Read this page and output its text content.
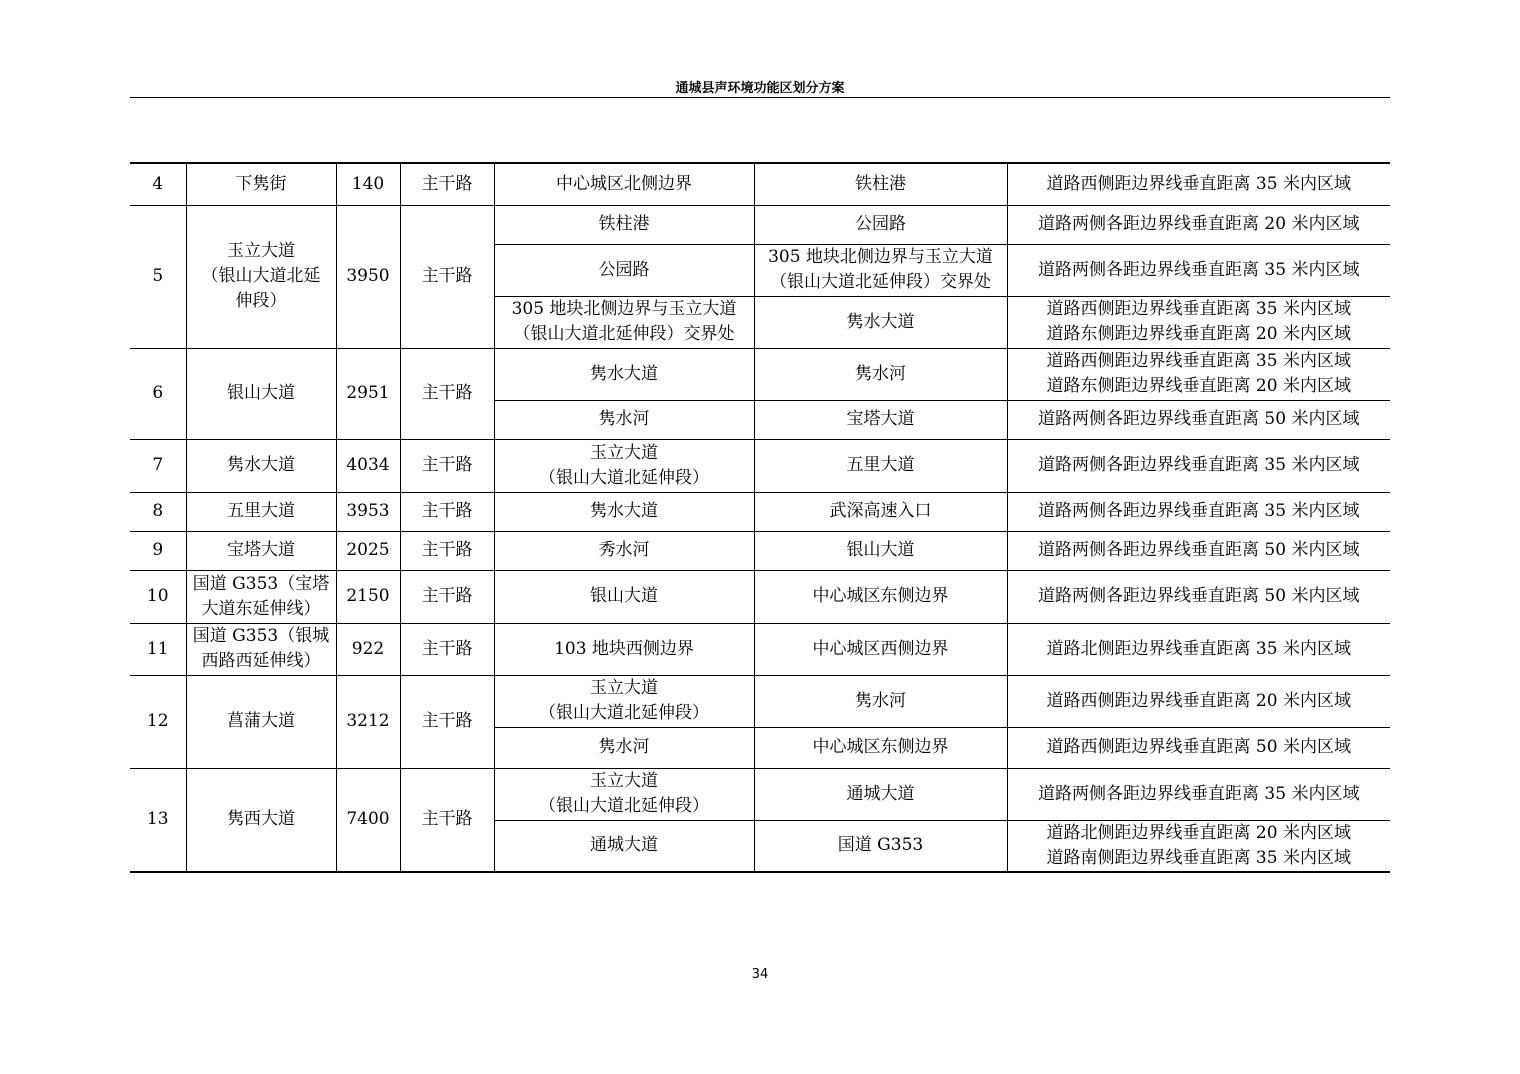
通城县声环境功能区划分方案
4	下隽街	140	主干路	中心城区北侧边界	铁柱港	道路西侧距边界线垂直距离 35 米内区域

5	玉立大道
（银山大道北延
伸段）	3950	主干路	铁柱港	公园路	道路两侧各距边界线垂直距离 20 米内区域

				公园路	305 地块北侧边界与玉立大道
（银山大道北延伸段）交界处	道路两侧各距边界线垂直距离 35 米内区域

				305 地块北侧边界与玉立大道
（银山大道北延伸段）交界处	隽水大道	道路西侧距边界线垂直距离 35 米内区域
道路东侧距边界线垂直距离 20 米内区域

6	银山大道	2951	主干路	隽水大道	隽水河	道路西侧距边界线垂直距离 35 米内区域
道路东侧距边界线垂直距离 20 米内区域

				隽水河	宝塔大道	道路两侧各距边界线垂直距离 50 米内区域

7	隽水大道	4034	主干路	玉立大道
（银山大道北延伸段）	五里大道	道路两侧各距边界线垂直距离 35 米内区域

8	五里大道	3953	主干路	隽水大道	武深高速入口	道路两侧各距边界线垂直距离 35 米内区域

9	宝塔大道	2025	主干路	秀水河	银山大道	道路两侧各距边界线垂直距离 50 米内区域

10	国道 G353（宝塔
大道东延伸线）	2150	主干路	银山大道	中心城区东侧边界	道路两侧各距边界线垂直距离 50 米内区域

11	国道 G353（银城
西路西延伸线）	922	主干路	103 地块西侧边界	中心城区西侧边界	道路北侧距边界线垂直距离 35 米内区域

12	菖蒲大道	3212	主干路	玉立大道
（银山大道北延伸段）	隽水河	道路西侧距边界线垂直距离 20 米内区域

				隽水河	中心城区东侧边界	道路西侧距边界线垂直距离 50 米内区域

13	隽西大道	7400	主干路	玉立大道
（银山大道北延伸段）	通城大道	道路两侧各距边界线垂直距离 35 米内区域

				通城大道	国道 G353	道路北侧距边界线垂直距离 20 米内区域
道路南侧距边界线垂直距离 35 米内区域
34
